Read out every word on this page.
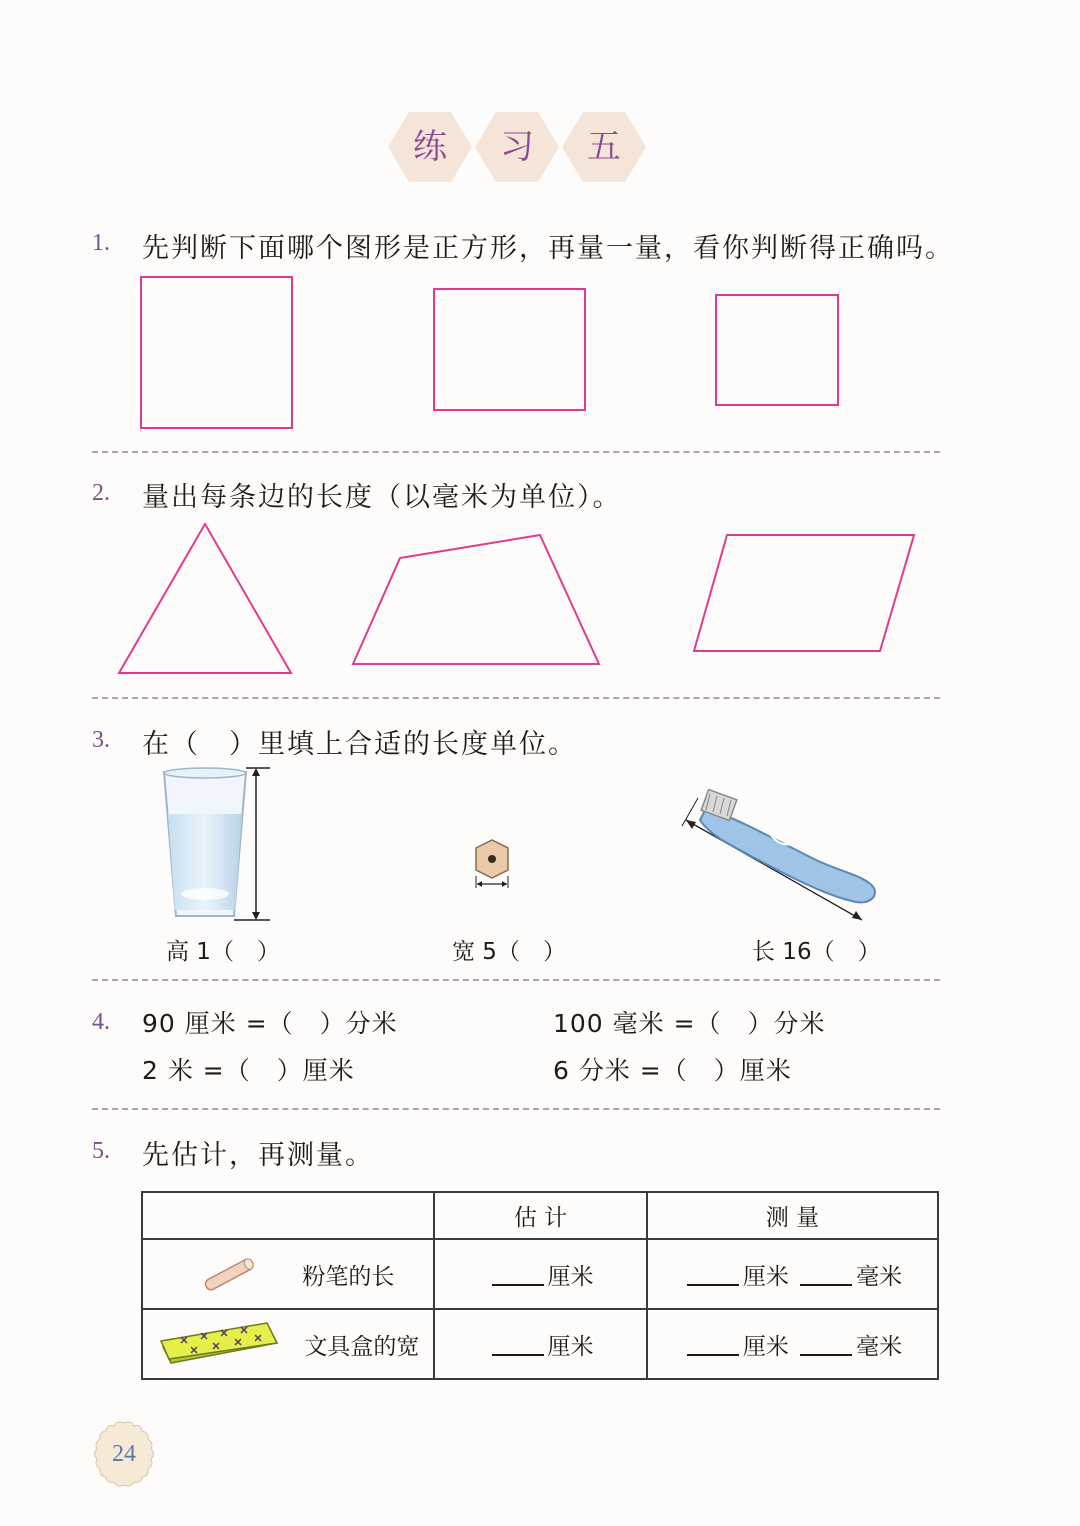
练	习	五
1. 先判断下面哪个图形是正方形，再量一量，看你判断得正确吗。
2. 量出每条边的长度（以毫米为单位）。
3. 在（　）里填上合适的长度单位。
高 1（　）	宽 5（　）	长 16（　）
4. 90 厘米 =（　）分米	100 毫米 =（　）分米
2 米 =（　）厘米	6 分米 =（　）厘米
5. 先估计，再测量。
	估 计	测 量
粉笔的长	厘米	厘米 毫米
文具盒的宽	厘米	厘米 毫米
24
